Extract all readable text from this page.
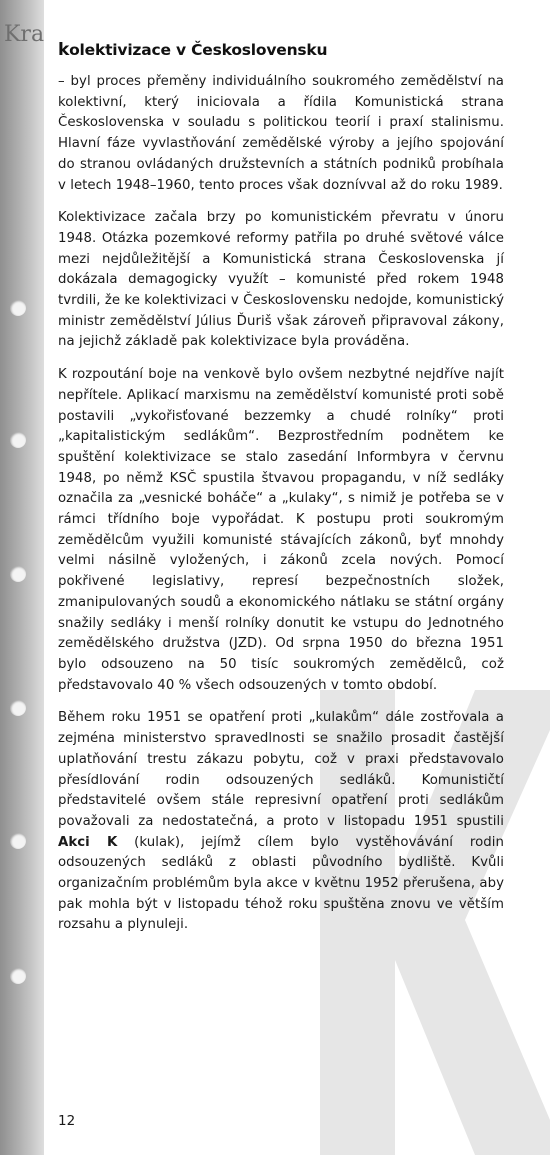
Kra
kolektivizace v Československu

– byl proces přeměny individuálního soukromého zemědělství na kolektivní, který iniciovala a řídila Komunistická strana Československa v souladu s politickou teorií i praxí stalinismu. Hlavní fáze vyvlastňování zemědělské výroby a jejího spojování do stranou ovládaných družstevních a státních podniků probíhala v letech 1948–1960, tento proces však doznívval až do roku 1989.

Kolektivizace začala brzy po komunistickém převratu v únoru 1948. Otázka pozemkové reformy patřila po druhé světové válce mezi nejdůležitější a Komunistická strana Československa jí dokázala demagogicky využít – komunisté před rokem 1948 tvrdili, že ke kolektivizaci v Československu nedojde, komunistický ministr zemědělství Július Ďuriš však zároveň připravoval zákony, na jejichž základě pak kolektivizace byla prováděna.

K rozpoutání boje na venkově bylo ovšem nezbytné nejdříve najít nepřítele. Aplikací marxismu na zemědělství komunisté proti sobě postavili „vykořisťované bezzemky a chudé rolníky“ proti „kapitalistickým sedlákům“. Bezprostředním podnětem ke spuštění kolektivizace se stalo zasedání Informbyra v červnu 1948, po němž KSČ spustila štvavou propagandu, v níž sedláky označila za „vesnické boháče“ a „kulaky“, s nimiž je potřeba se v rámci třídního boje vypořádat. K postupu proti soukromým zemědělcům využili komunisté stávajících zákonů, byť mnohdy velmi násilně vyložených, i zákonů zcela nových. Pomocí pokřivené legislativy, represí bezpečnostních složek, zmanipulovaných soudů a ekonomického nátlaku se státní orgány snažily sedláky i menší rolníky donutit ke vstupu do Jednotného zemědělského družstva (JZD). Od srpna 1950 do března 1951 bylo odsouzeno na 50 tisíc soukromých zemědělců, což představovalo 40 % všech odsouzených v tomto období.

Během roku 1951 se opatření proti „kulakům“ dále zostřovala a zejména ministerstvo spravedlnosti se snažilo prosadit častější uplatňování trestu zákazu pobytu, což v praxi představovalo přesídlování rodin odsouzených sedláků. Komunističtí představitelé ovšem stále represivní opatření proti sedlákům považovali za nedostatečná, a proto v listopadu 1951 spustili Akci K (kulak), jejímž cílem bylo vystěhovávání rodin odsouzených sedláků z oblasti původního bydliště. Kvůli organizačním problémům byla akce v květnu 1952 přerušena, aby pak mohla být v listopadu téhož roku spuštěna znovu ve větším rozsahu a plynuleji.

12
